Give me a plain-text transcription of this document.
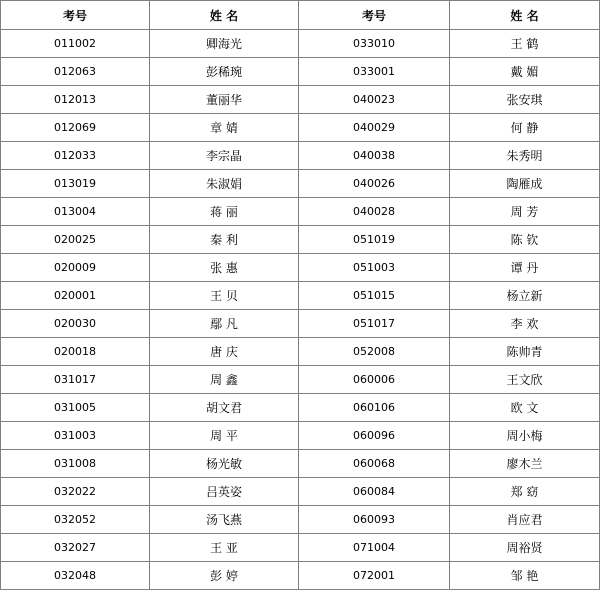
考号	姓 名	考号	姓 名
011002	卿海光	033010	王 鹤
012063	彭稀琬	033001	戴 媚
012013	董丽华	040023	张安琪
012069	章 婧	040029	何 静
012033	李宗晶	040038	朱秀明
013019	朱淑娟	040026	陶雁成
013004	蒋 丽	040028	周 芳
020025	秦 利	051019	陈 钦
020009	张 惠	051003	谭 丹
020001	王 贝	051015	杨立新
020030	鄢 凡	051017	李 欢
020018	唐 庆	052008	陈帅青
031017	周 鑫	060006	王文欣
031005	胡文君	060106	欧 文
031003	周 平	060096	周小梅
031008	杨光敏	060068	廖木兰
032022	吕英姿	060084	郑 窈
032052	汤飞燕	060093	肖应君
032027	王 亚	071004	周裕贤
032048	彭 婷	072001	邹 艳
